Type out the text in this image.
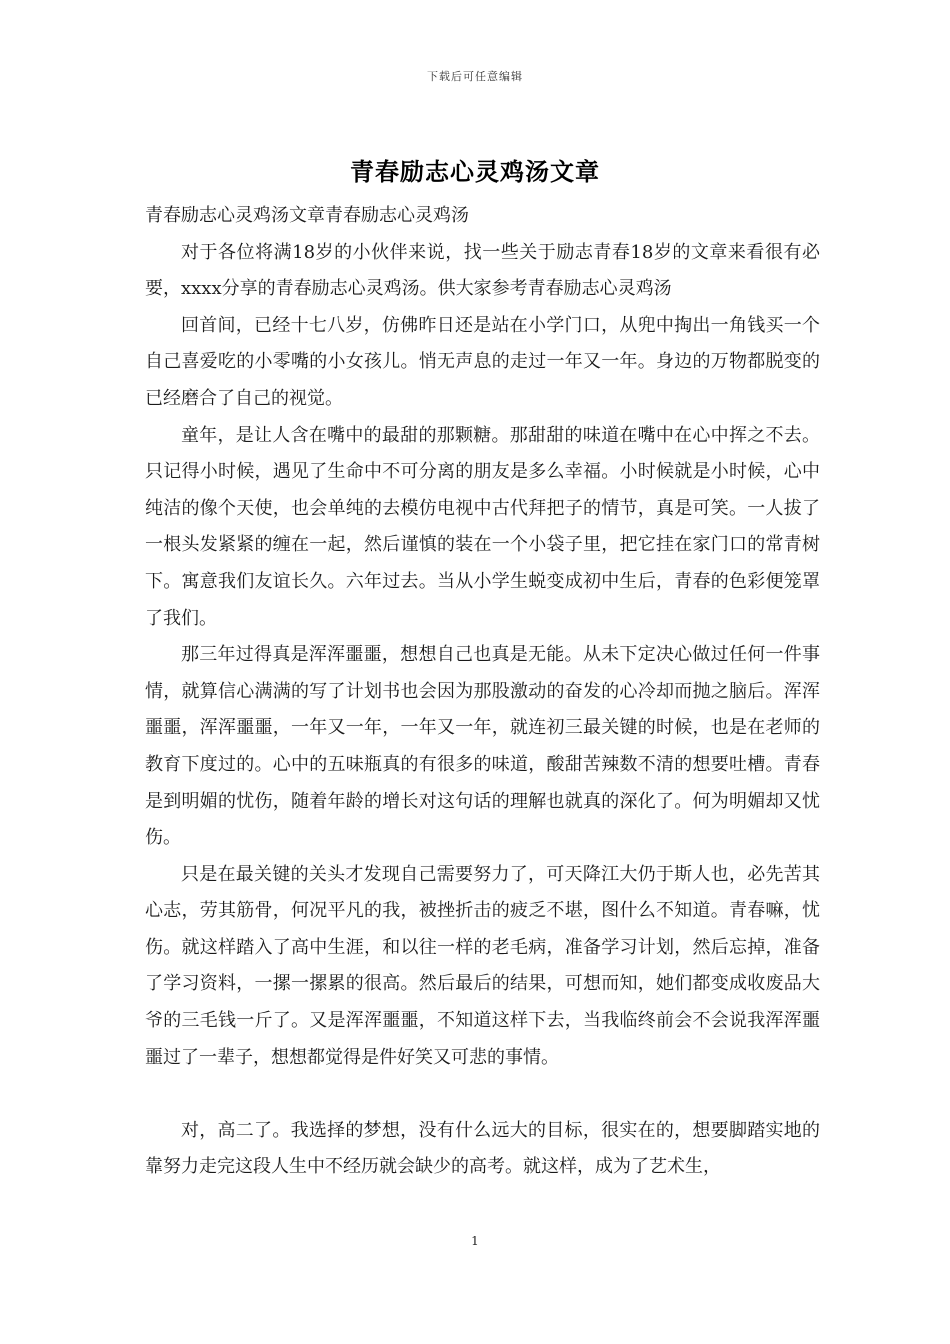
下载后可任意编辑
青春励志心灵鸡汤文章

青春励志心灵鸡汤文章青春励志心灵鸡汤

对于各位将满18岁的小伙伴来说，找一些关于励志青春18岁的文章来看很有必要，xxxx分享的青春励志心灵鸡汤。供大家参考青春励志心灵鸡汤

回首间，已经十七八岁，仿佛昨日还是站在小学门口，从兜中掏出一角钱买一个自己喜爱吃的小零嘴的小女孩儿。悄无声息的走过一年又一年。身边的万物都脱变的已经磨合了自己的视觉。

童年，是让人含在嘴中的最甜的那颗糖。那甜甜的味道在嘴中在心中挥之不去。只记得小时候，遇见了生命中不可分离的朋友是多么幸福。小时候就是小时候，心中纯洁的像个天使，也会单纯的去模仿电视中古代拜把子的情节，真是可笑。一人拔了一根头发紧紧的缠在一起，然后谨慎的装在一个小袋子里，把它挂在家门口的常青树下。寓意我们友谊长久。六年过去。当从小学生蜕变成初中生后，青春的色彩便笼罩了我们。

那三年过得真是浑浑噩噩，想想自己也真是无能。从未下定决心做过任何一件事情，就算信心满满的写了计划书也会因为那股激动的奋发的心冷却而抛之脑后。浑浑噩噩，浑浑噩噩，一年又一年，一年又一年，就连初三最关键的时候，也是在老师的教育下度过的。心中的五味瓶真的有很多的味道，酸甜苦辣数不清的想要吐槽。青春是到明媚的忧伤，随着年龄的增长对这句话的理解也就真的深化了。何为明媚却又忧伤。

只是在最关键的关头才发现自己需要努力了，可天降江大仍于斯人也，必先苦其心志，劳其筋骨，何况平凡的我，被挫折击的疲乏不堪，图什么不知道。青春嘛，忧伤。就这样踏入了高中生涯，和以往一样的老毛病，准备学习计划，然后忘掉，准备了学习资料，一摞一摞累的很高。然后最后的结果，可想而知，她们都变成收废品大爷的三毛钱一斤了。又是浑浑噩噩，不知道这样下去，当我临终前会不会说我浑浑噩噩过了一辈子，想想都觉得是件好笑又可悲的事情。

对，高二了。我选择的梦想，没有什么远大的目标，很实在的，想要脚踏实地的靠努力走完这段人生中不经历就会缺少的高考。就这样，成为了艺术生，

1
